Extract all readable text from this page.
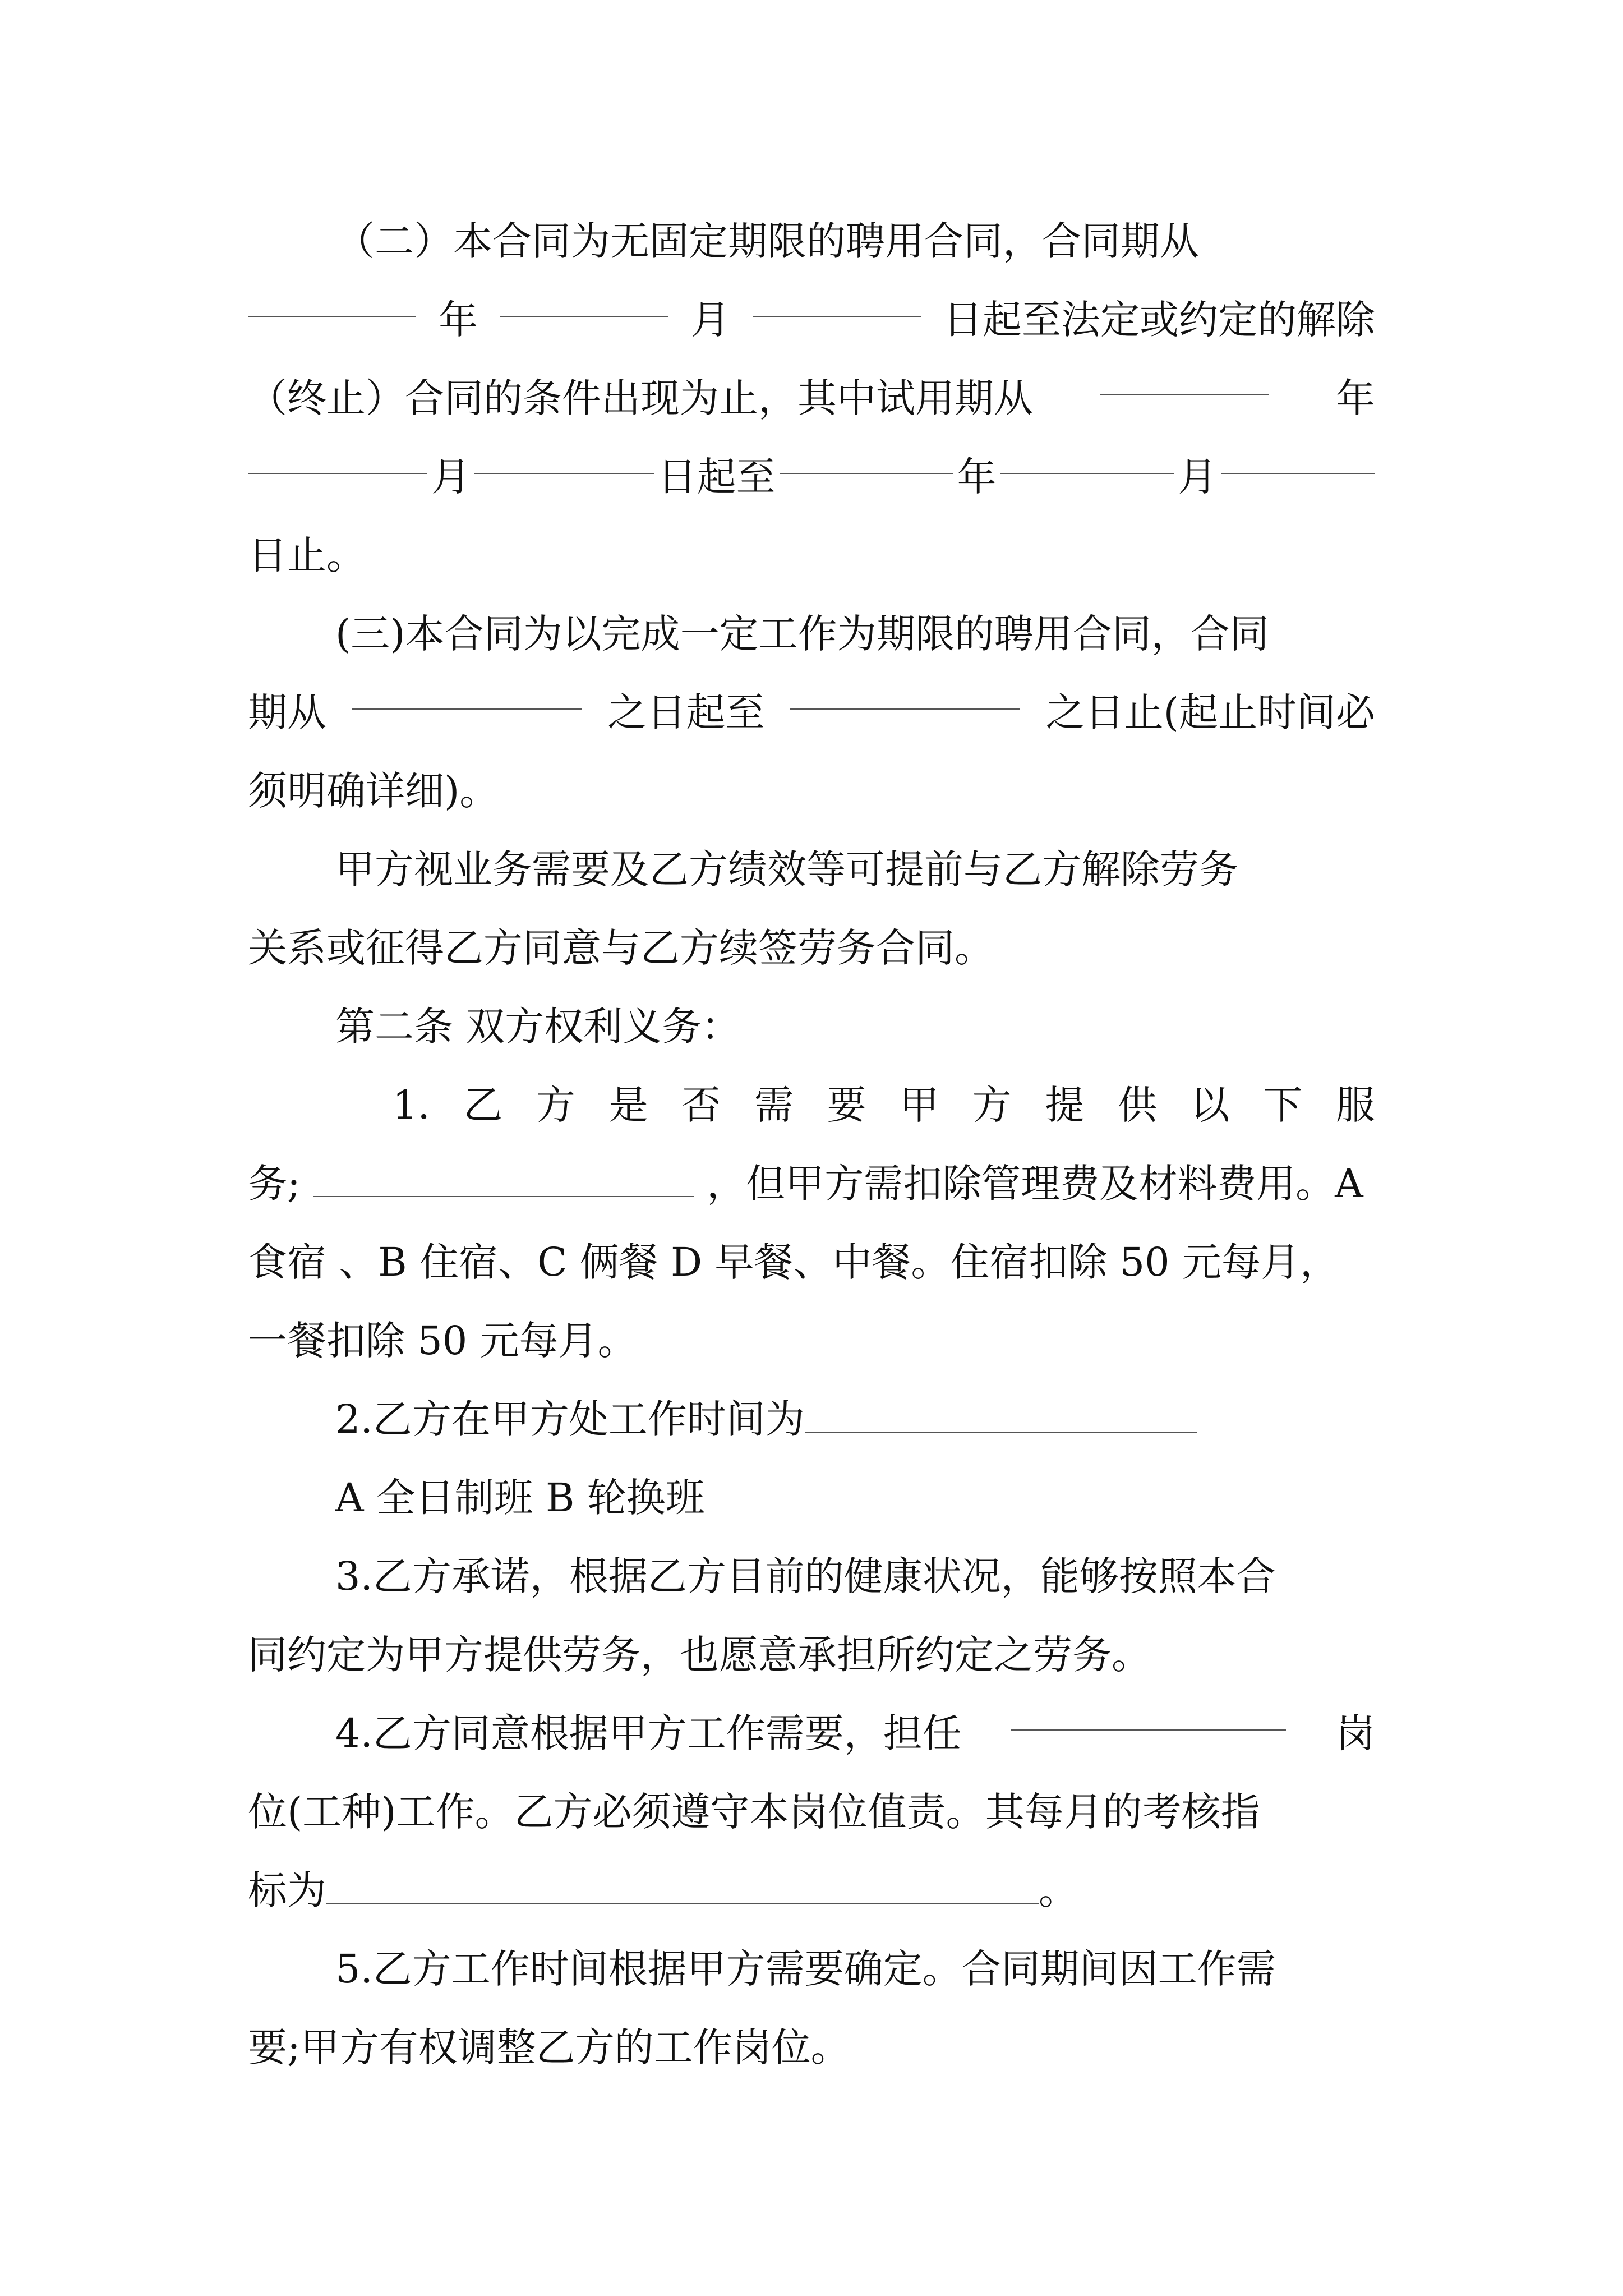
（二）本合同为无固定期限的聘用合同，合同期从
年	月	日起至法定或约定的解除
（终止）合同的条件出现为止，其中试用期从	年
月	日起至	年	月
日止。
(三)本合同为以完成一定工作为期限的聘用合同，合同
期从	之日起至	之日止(起止时间必
须明确详细)。
甲方视业务需要及乙方绩效等可提前与乙方解除劳务
关系或征得乙方同意与乙方续签劳务合同。
第二条 双方权利义务：
1. 乙 方 是 否 需 要 甲 方 提 供 以 下 服
务;	，但甲方需扣除管理费及材料费用。A
食宿 、B 住宿、C 俩餐 D 早餐、中餐。住宿扣除 50 元每月，
一餐扣除 50 元每月。
2.乙方在甲方处工作时间为
A 全日制班 B 轮换班
3.乙方承诺，根据乙方目前的健康状况，能够按照本合
同约定为甲方提供劳务，也愿意承担所约定之劳务。
4.乙方同意根据甲方工作需要，担任	岗
位(工种)工作。乙方必须遵守本岗位值责。其每月的考核指
标为	。
5.乙方工作时间根据甲方需要确定。合同期间因工作需
要;甲方有权调整乙方的工作岗位。
